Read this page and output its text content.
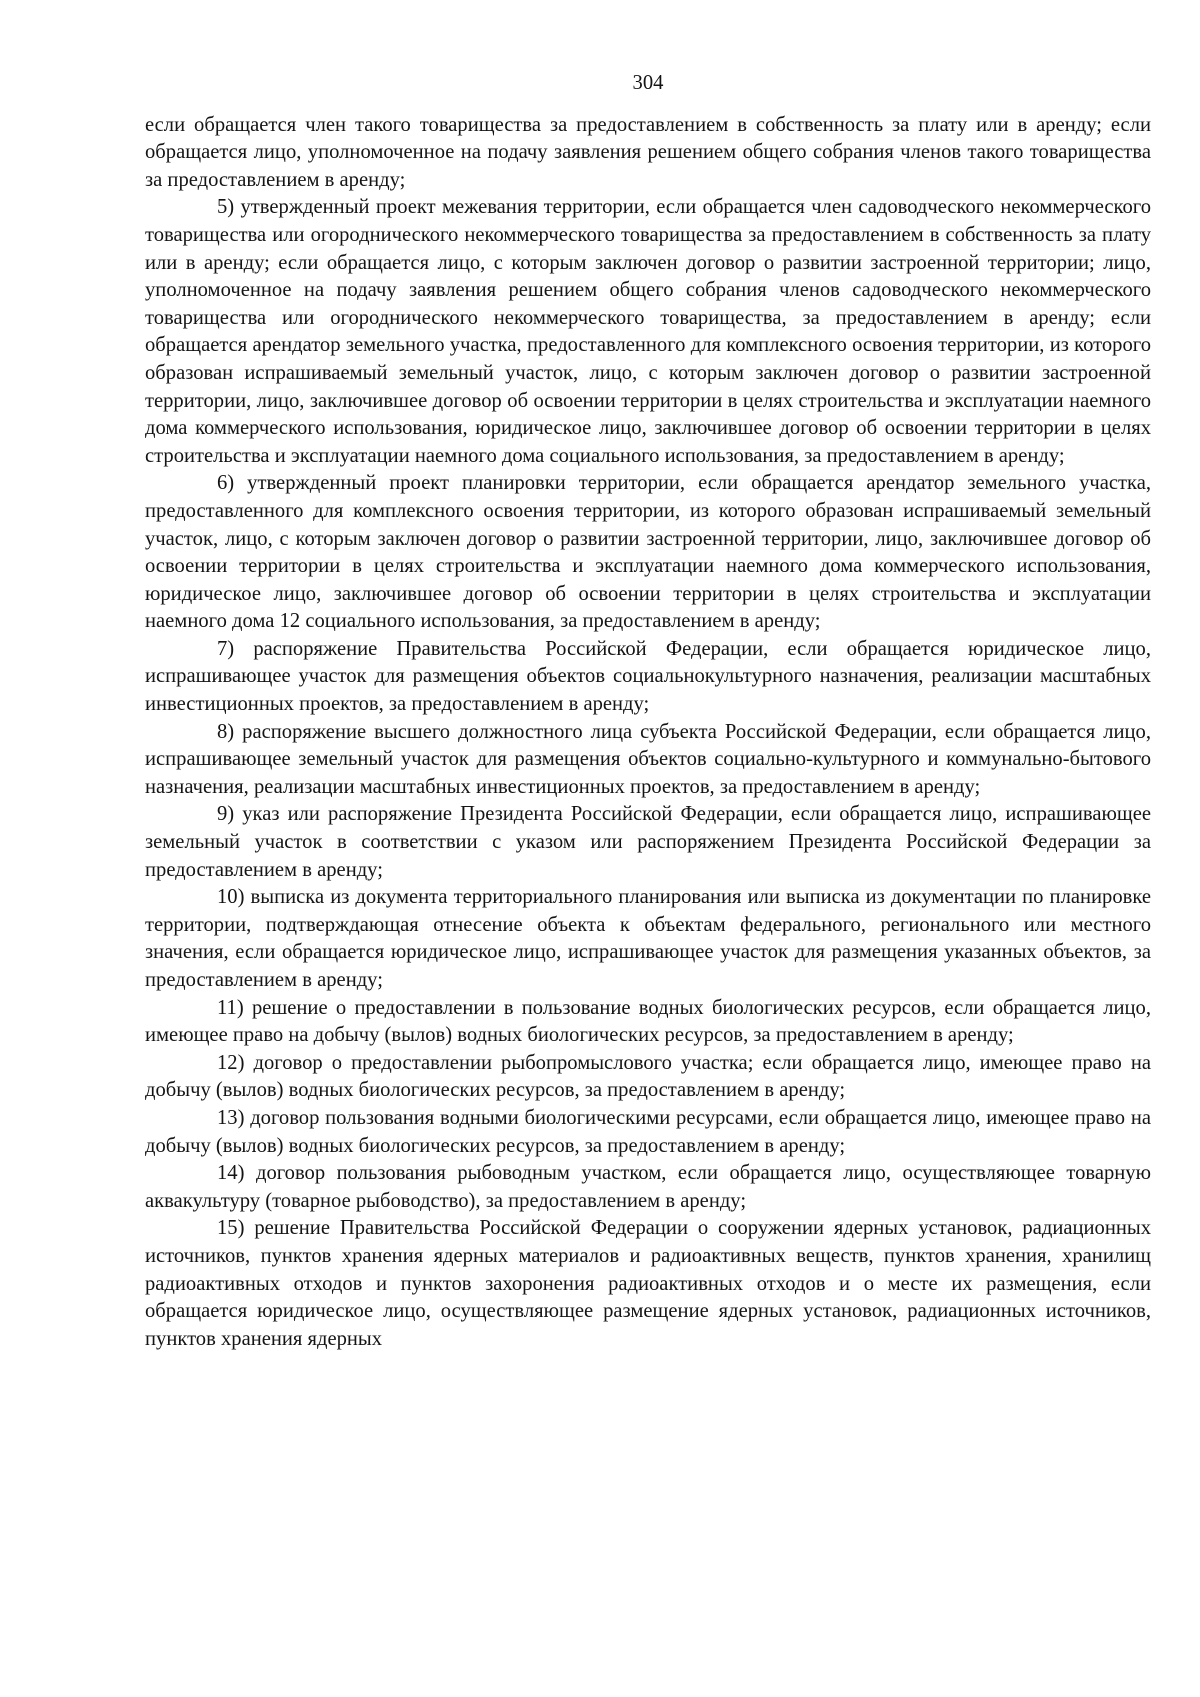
304

если обращается член такого товарищества за предоставлением в собственность за плату или в аренду; если обращается лицо, уполномоченное на подачу заявления решением общего собрания членов такого товарищества за предоставлением в аренду;

5) утвержденный проект межевания территории, если обращается член садоводческого некоммерческого товарищества или огороднического некоммерческого товарищества за предоставлением в собственность за плату или в аренду; если обращается лицо, с которым заключен договор о развитии застроенной территории; лицо, уполномоченное на подачу заявления решением общего собрания членов садоводческого некоммерческого товарищества или огороднического некоммерческого товарищества, за предоставлением в аренду; если обращается арендатор земельного участка, предоставленного для комплексного освоения территории, из которого образован испрашиваемый земельный участок, лицо, с которым заключен договор о развитии застроенной территории, лицо, заключившее договор об освоении территории в целях строительства и эксплуатации наемного дома коммерческого использования, юридическое лицо, заключившее договор об освоении территории в целях строительства и эксплуатации наемного дома социального использования, за предоставлением в аренду;

6) утвержденный проект планировки территории, если обращается арендатор земельного участка, предоставленного для комплексного освоения территории, из которого образован испрашиваемый земельный участок, лицо, с которым заключен договор о развитии застроенной территории, лицо, заключившее договор об освоении территории в целях строительства и эксплуатации наемного дома коммерческого использования, юридическое лицо, заключившее договор об освоении территории в целях строительства и эксплуатации наемного дома 12 социального использования, за предоставлением в аренду;

7) распоряжение Правительства Российской Федерации, если обращается юридическое лицо, испрашивающее участок для размещения объектов социальнокультурного назначения, реализации масштабных инвестиционных проектов, за предоставлением в аренду;

8) распоряжение высшего должностного лица субъекта Российской Федерации, если обращается лицо, испрашивающее земельный участок для размещения объектов социально-культурного и коммунально-бытового назначения, реализации масштабных инвестиционных проектов, за предоставлением в аренду;

9) указ или распоряжение Президента Российской Федерации, если обращается лицо, испрашивающее земельный участок в соответствии с указом или распоряжением Президента Российской Федерации за предоставлением в аренду;

10) выписка из документа территориального планирования или выписка из документации по планировке территории, подтверждающая отнесение объекта к объектам федерального, регионального или местного значения, если обращается юридическое лицо, испрашивающее участок для размещения указанных объектов, за предоставлением в аренду;

11) решение о предоставлении в пользование водных биологических ресурсов, если обращается лицо, имеющее право на добычу (вылов) водных биологических ресурсов, за предоставлением в аренду;

12) договор о предоставлении рыбопромыслового участка; если обращается лицо, имеющее право на добычу (вылов) водных биологических ресурсов, за предоставлением в аренду;

13) договор пользования водными биологическими ресурсами, если обращается лицо, имеющее право на добычу (вылов) водных биологических ресурсов, за предоставлением в аренду;

14) договор пользования рыбоводным участком, если обращается лицо, осуществляющее товарную аквакультуру (товарное рыбоводство), за предоставлением в аренду;

15) решение Правительства Российской Федерации о сооружении ядерных установок, радиационных источников, пунктов хранения ядерных материалов и радиоактивных веществ, пунктов хранения, хранилищ радиоактивных отходов и пунктов захоронения радиоактивных отходов и о месте их размещения, если обращается юридическое лицо, осуществляющее размещение ядерных установок, радиационных источников, пунктов хранения ядерных
